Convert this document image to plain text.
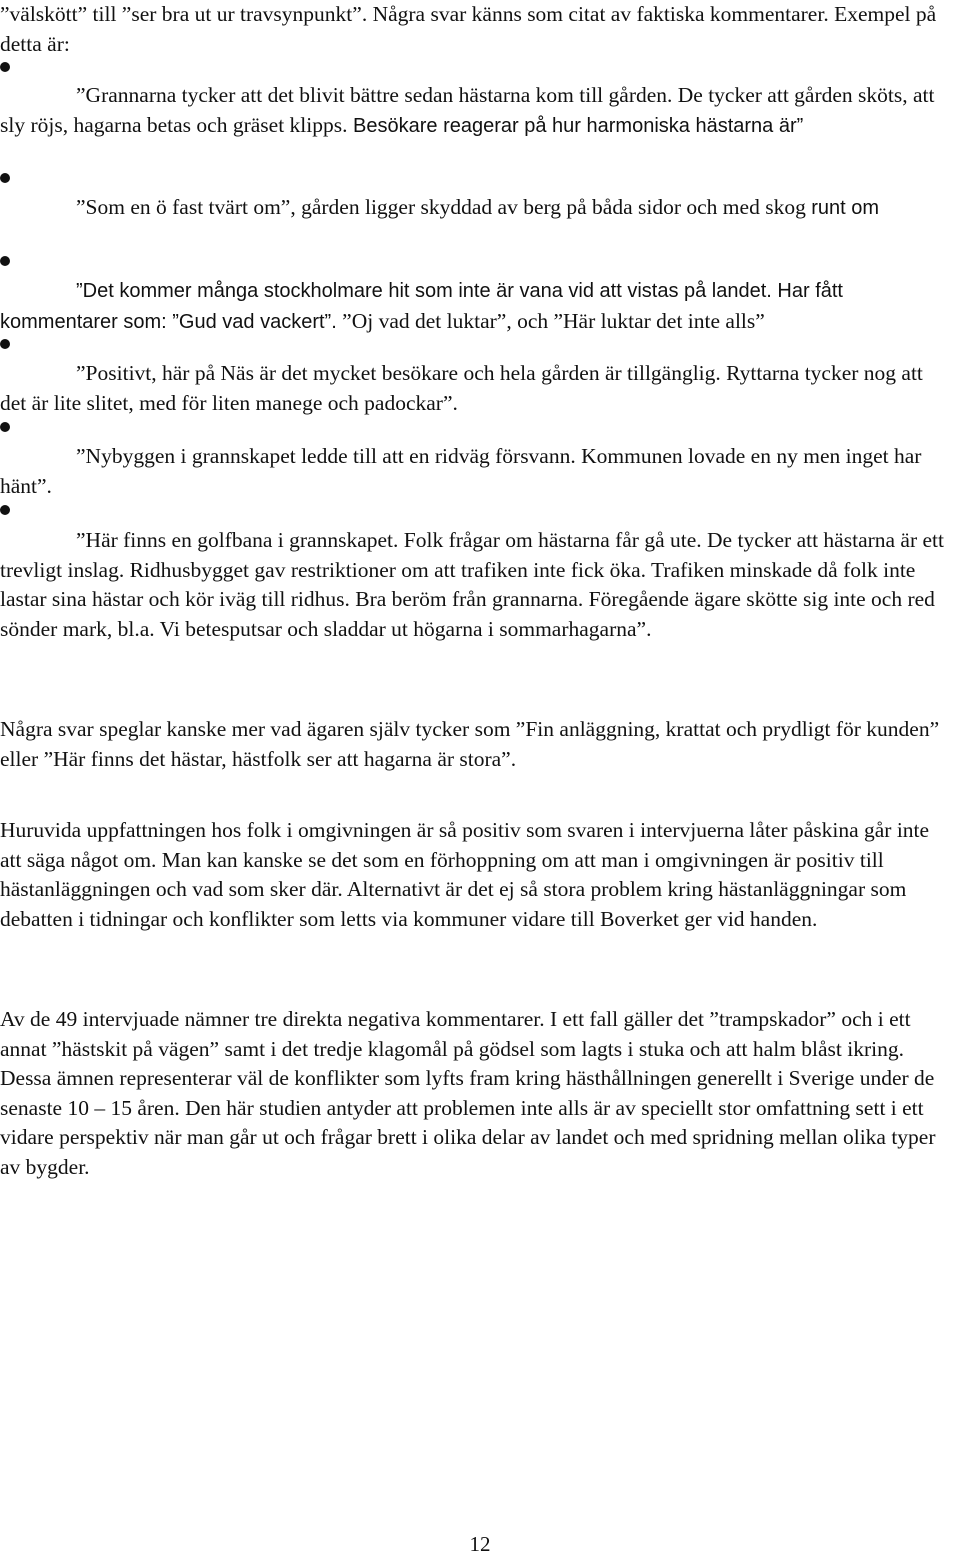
”välskött” till ”ser bra ut ur travsynpunkt”. Några svar känns som citat av faktiska kommentarer. Exempel på detta är:

”Grannarna tycker att det blivit bättre sedan hästarna kom till gården. De tycker att gården sköts, att sly röjs, hagarna betas och gräset klipps. Besökare reagerar på hur harmoniska hästarna är”

”Som en ö fast tvärt om”, gården ligger skyddad av berg på båda sidor och med skog runt om

”Det kommer många stockholmare hit som inte är vana vid att vistas på landet. Har fått kommentarer som: ”Gud vad vackert”. ”Oj vad det luktar”, och ”Här luktar det inte alls”

”Positivt, här på Näs är det mycket besökare och hela gården är tillgänglig. Ryttarna tycker nog att det är lite slitet, med för liten manege och padockar”.

”Nybyggen i grannskapet ledde till att en ridväg försvann. Kommunen lovade en ny men inget har hänt”.

”Här finns en golfbana i grannskapet. Folk frågar om hästarna får gå ute. De tycker att hästarna är ett trevligt inslag. Ridhusbygget gav restriktioner om att trafiken inte fick öka. Trafiken minskade då folk inte lastar sina hästar och kör iväg till ridhus. Bra beröm från grannarna. Föregående ägare skötte sig inte och red sönder mark, bl.a. Vi betesputsar och sladdar ut högarna i sommarhagarna”.

Några svar speglar kanske mer vad ägaren själv tycker som ”Fin anläggning, krattat och prydligt för kunden” eller ”Här finns det hästar, hästfolk ser att hagarna är stora”.

Huruvida uppfattningen hos folk i omgivningen är så positiv som svaren i intervjuerna låter påskina går inte att säga något om. Man kan kanske se det som en förhoppning om att man i omgivningen är positiv till hästanläggningen och vad som sker där. Alternativt är det ej så stora problem kring hästanläggningar som debatten i tidningar och konflikter som letts via kommuner vidare till Boverket ger vid handen.

Av de 49 intervjuade nämner tre direkta negativa kommentarer. I ett fall gäller det ”trampskador” och i ett annat ”hästskit på vägen” samt i det tredje klagomål på gödsel som lagts i stuka och att halm blåst ikring. Dessa ämnen representerar väl de konflikter som lyfts fram kring hästhållningen generellt i Sverige under de senaste 10 – 15 åren. Den här studien antyder att problemen inte alls är av speciellt stor omfattning sett i ett vidare perspektiv när man går ut och frågar brett i olika delar av landet och med spridning mellan olika typer av bygder.

12
